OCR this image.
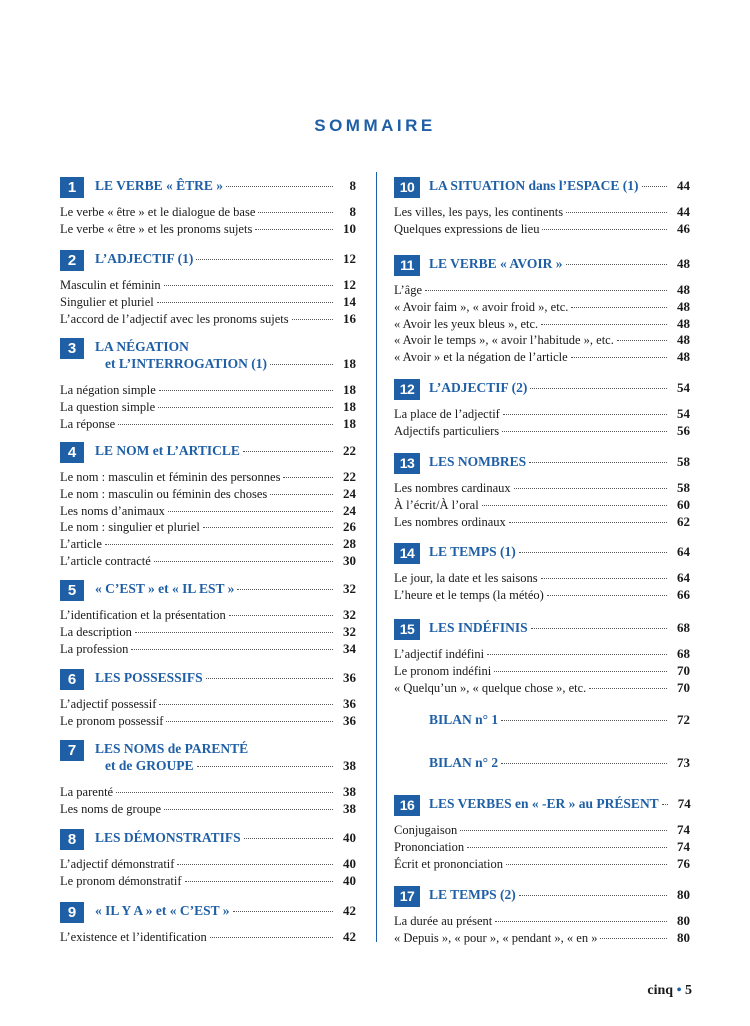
SOMMAIRE
1	LE VERBE « ÊTRE »	8
Le verbe « être » et le dialogue de base	8
Le verbe « être » et les pronoms sujets	10
2	L’ADJECTIF (1)	12
Masculin et féminin	12
Singulier et pluriel	14
L’accord de l’adjectif avec les pronoms sujets	16
3	LA NÉGATION
et L’INTERROGATION (1)	18
La négation simple	18
La question simple	18
La réponse	18
4	LE NOM et L’ARTICLE	22
Le nom : masculin et féminin des personnes	22
Le nom : masculin ou féminin des choses	24
Les noms d’animaux	24
Le nom : singulier et pluriel	26
L’article	28
L’article contracté	30
5	« C’EST » et « IL EST »	32
L’identification et la présentation	32
La description	32
La profession	34
6	LES POSSESSIFS	36
L’adjectif possessif	36
Le pronom possessif	36
7	LES NOMS de PARENTÉ
et de GROUPE	38
La parenté	38
Les noms de groupe	38
8	LES DÉMONSTRATIFS	40
L’adjectif démonstratif	40
Le pronom démonstratif	40
9	« IL Y A » et « C’EST »	42
L’existence et l’identification	42
10	LA SITUATION dans l’ESPACE (1)	44
Les villes, les pays, les continents	44
Quelques expressions de lieu	46
11	LE VERBE « AVOIR »	48
L’âge	48
« Avoir faim », « avoir froid », etc.	48
« Avoir les yeux bleus », etc.	48
« Avoir le temps », « avoir l’habitude », etc.	48
« Avoir » et la négation de l’article	48
12	L’ADJECTIF (2)	54
La place de l’adjectif	54
Adjectifs particuliers	56
13	LES NOMBRES	58
Les nombres cardinaux	58
À l’écrit/À l’oral	60
Les nombres ordinaux	62
14	LE TEMPS (1)	64
Le jour, la date et les saisons	64
L’heure et le temps (la météo)	66
15	LES INDÉFINIS	68
L’adjectif indéfini	68
Le pronom indéfini	70
« Quelqu’un », « quelque chose », etc.	70
16	LES VERBES en « -ER » au PRÉSENT	74
Conjugaison	74
Prononciation	74
Écrit et prononciation	76
17	LE TEMPS (2)	80
La durée au présent	80
« Depuis », « pour », « pendant », « en »	80
BILAN n° 1	72
BILAN n° 2	73
cinq • 5
